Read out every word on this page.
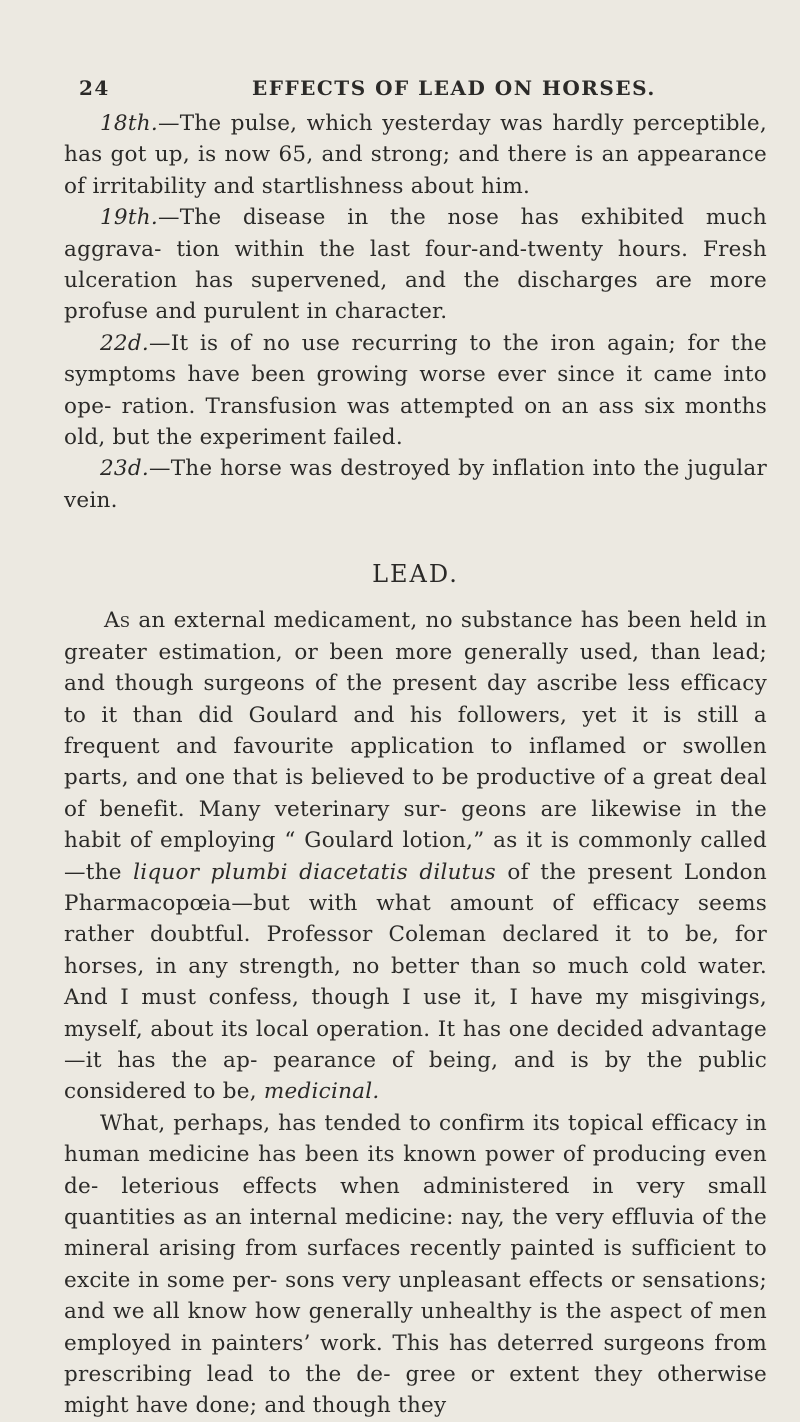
24	EFFECTS OF LEAD ON HORSES.

18th.—The pulse, which yesterday was hardly perceptible, has got up, is now 65, and strong; and there is an appearance of irritability and startlishness about him.

19th.—The disease in the nose has exhibited much aggrava- tion within the last four-and-twenty hours. Fresh ulceration has supervened, and the discharges are more profuse and purulent in character.

22d.—It is of no use recurring to the iron again; for the symptoms have been growing worse ever since it came into ope- ration. Transfusion was attempted on an ass six months old, but the experiment failed.

23d.—The horse was destroyed by inflation into the jugular vein.

LEAD.

As an external medicament, no substance has been held in greater estimation, or been more generally used, than lead; and though surgeons of the present day ascribe less efficacy to it than did Goulard and his followers, yet it is still a frequent and favourite application to inflamed or swollen parts, and one that is believed to be productive of a great deal of benefit. Many veterinary sur- geons are likewise in the habit of employing “ Goulard lotion,” as it is commonly called—the liquor plumbi diacetatis dilutus of the present London Pharmacopœia—but with what amount of efficacy seems rather doubtful. Professor Coleman declared it to be, for horses, in any strength, no better than so much cold water. And I must confess, though I use it, I have my misgivings, myself, about its local operation. It has one decided advantage—it has the ap- pearance of being, and is by the public considered to be, medicinal.

What, perhaps, has tended to confirm its topical efficacy in human medicine has been its known power of producing even de- leterious effects when administered in very small quantities as an internal medicine: nay, the very effluvia of the mineral arising from surfaces recently painted is sufficient to excite in some per- sons very unpleasant effects or sensations; and we all know how generally unhealthy is the aspect of men employed in painters’ work. This has deterred surgeons from prescribing lead to the de- gree or extent they otherwise might have done; and though they
